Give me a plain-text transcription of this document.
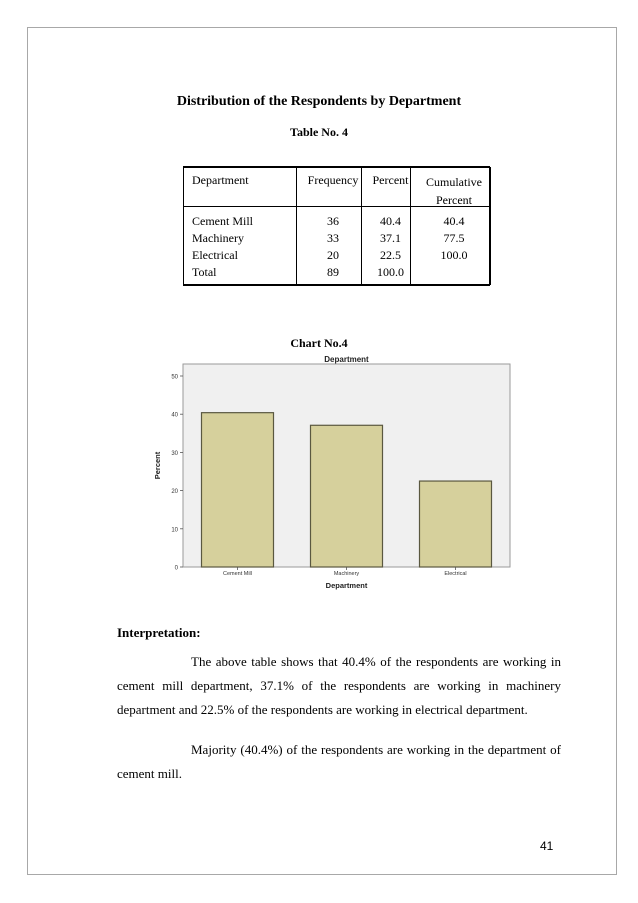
Distribution of the Respondents by Department
Table No. 4
Department	Frequency	Percent	Cumulative Percent
Cement Mill	36	40.4	40.4
Machinery	33	37.1	77.5
Electrical	20	22.5	100.0
Total	89	100.0	
Chart No.4
Department
0
10
20
30
40
50
Percent
Cement Mill	Machinery	Electrical
Department
Interpretation:
The above table shows that 40.4% of the respondents are working in cement mill department, 37.1% of the respondents are working in machinery department and 22.5% of the respondents are working in electrical department.
Majority (40.4%) of the respondents are working in the department of cement mill.
41
